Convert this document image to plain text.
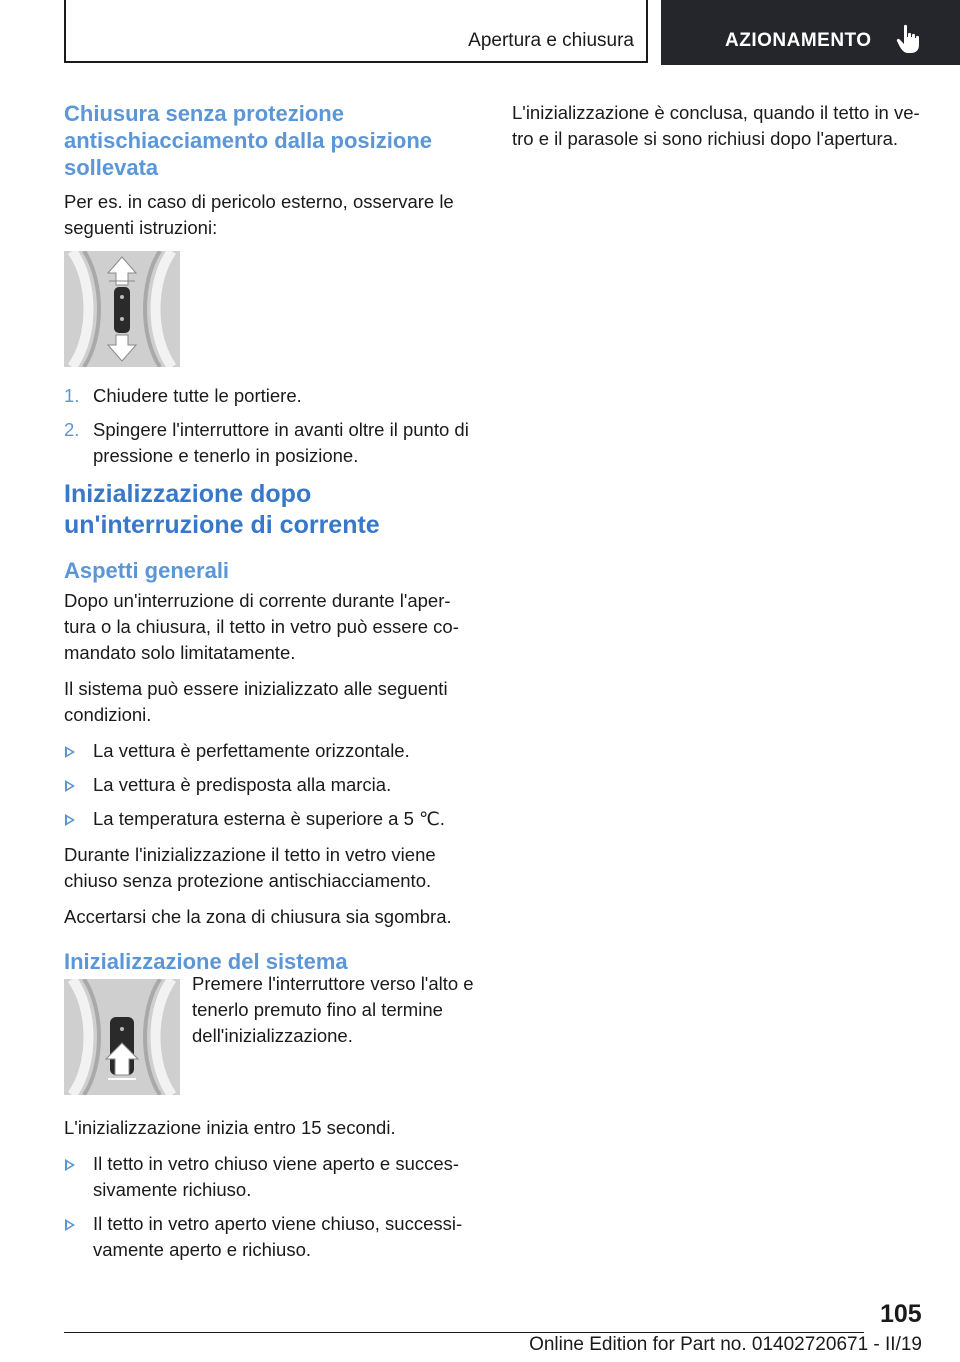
Apertura e chiusura	AZIONAMENTO
Chiusura senza protezione antischiacciamento dalla posizione sollevata

Per es. in caso di pericolo esterno, osservare le seguenti istruzioni:

1. Chiudere tutte le portiere.
2. Spingere l'interruttore in avanti oltre il punto di pressione e tenerlo in posizione.
Inizializzazione dopo un'interruzione di corrente
Aspetti generali

Dopo un'interruzione di corrente durante l'aper-tura o la chiusura, il tetto in vetro può essere co-mandato solo limitatamente.

Il sistema può essere inizializzato alle seguenti condizioni.

La vettura è perfettamente orizzontale.
La vettura è predisposta alla marcia.
La temperatura esterna è superiore a 5 ℃.

Durante l'inizializzazione il tetto in vetro viene chiuso senza protezione antischiacciamento.

Accertarsi che la zona di chiusura sia sgombra.

Inizializzazione del sistema

Premere l'interruttore verso l'alto e tenerlo premuto fino al termine dell'inizializzazione.

L'inizializzazione inizia entro 15 secondi.

Il tetto in vetro chiuso viene aperto e succes-sivamente richiuso.
Il tetto in vetro aperto viene chiuso, successi-vamente aperto e richiuso.

L'inizializzazione è conclusa, quando il tetto in ve-tro e il parasole si sono richiusi dopo l'apertura.

105
Online Edition for Part no. 01402720671 - II/19
